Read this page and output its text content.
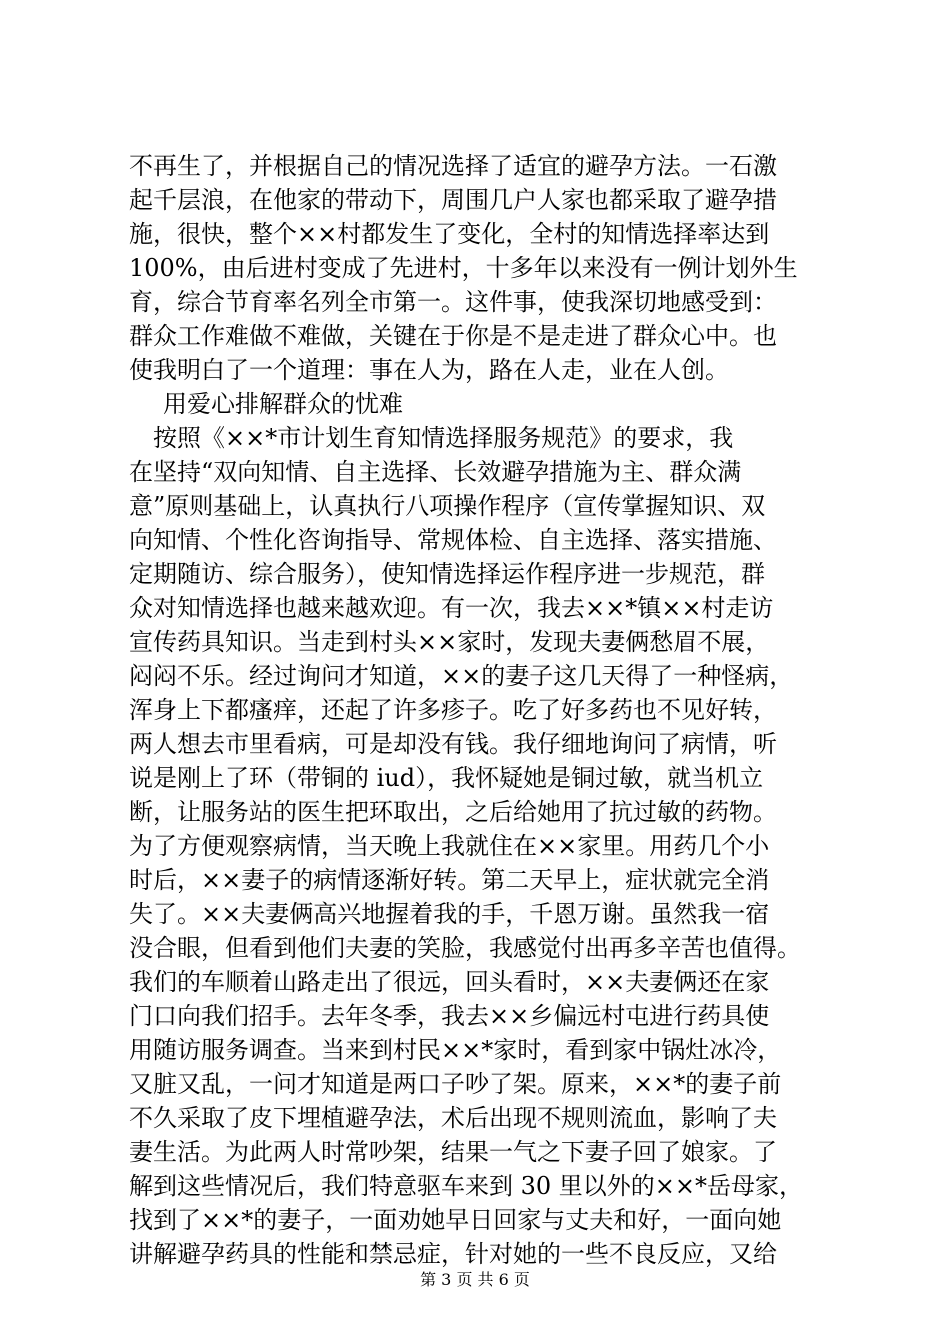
不再生了，并根据自己的情况选择了适宜的避孕方法。一石激
起千层浪，在他家的带动下，周围几户人家也都采取了避孕措
施，很快，整个××村都发生了变化，全村的知情选择率达到
100%，由后进村变成了先进村，十多年以来没有一例计划外生
育，综合节育率名列全市第一。这件事，使我深切地感受到：
群众工作难做不难做，关键在于你是不是走进了群众心中。也
使我明白了一个道理：事在人为，路在人走，业在人创。
用爱心排解群众的忧难
　按照《××*市计划生育知情选择服务规范》的要求，我
在坚持“双向知情、自主选择、长效避孕措施为主、群众满
意”原则基础上，认真执行八项操作程序（宣传掌握知识、双
向知情、个性化咨询指导、常规体检、自主选择、落实措施、
定期随访、综合服务），使知情选择运作程序进一步规范，群
众对知情选择也越来越欢迎。有一次，我去××*镇××村走访
宣传药具知识。当走到村头××家时，发现夫妻俩愁眉不展，
闷闷不乐。经过询问才知道，××的妻子这几天得了一种怪病，
浑身上下都瘙痒，还起了许多疹子。吃了好多药也不见好转，
两人想去市里看病，可是却没有钱。我仔细地询问了病情，听
说是刚上了环（带铜的 iud），我怀疑她是铜过敏，就当机立
断，让服务站的医生把环取出，之后给她用了抗过敏的药物。
为了方便观察病情，当天晚上我就住在××家里。用药几个小
时后，××妻子的病情逐渐好转。第二天早上，症状就完全消
失了。××夫妻俩高兴地握着我的手，千恩万谢。虽然我一宿
没合眼，但看到他们夫妻的笑脸，我感觉付出再多辛苦也值得。
我们的车顺着山路走出了很远，回头看时，××夫妻俩还在家
门口向我们招手。去年冬季，我去××乡偏远村屯进行药具使
用随访服务调查。当来到村民××*家时，看到家中锅灶冰冷，
又脏又乱，一问才知道是两口子吵了架。原来，××*的妻子前
不久采取了皮下埋植避孕法，术后出现不规则流血，影响了夫
妻生活。为此两人时常吵架，结果一气之下妻子回了娘家。了
解到这些情况后，我们特意驱车来到 30 里以外的××*岳母家，
找到了××*的妻子，一面劝她早日回家与丈夫和好，一面向她
讲解避孕药具的性能和禁忌症，针对她的一些不良反应，又给
第 3 页 共 6 页
